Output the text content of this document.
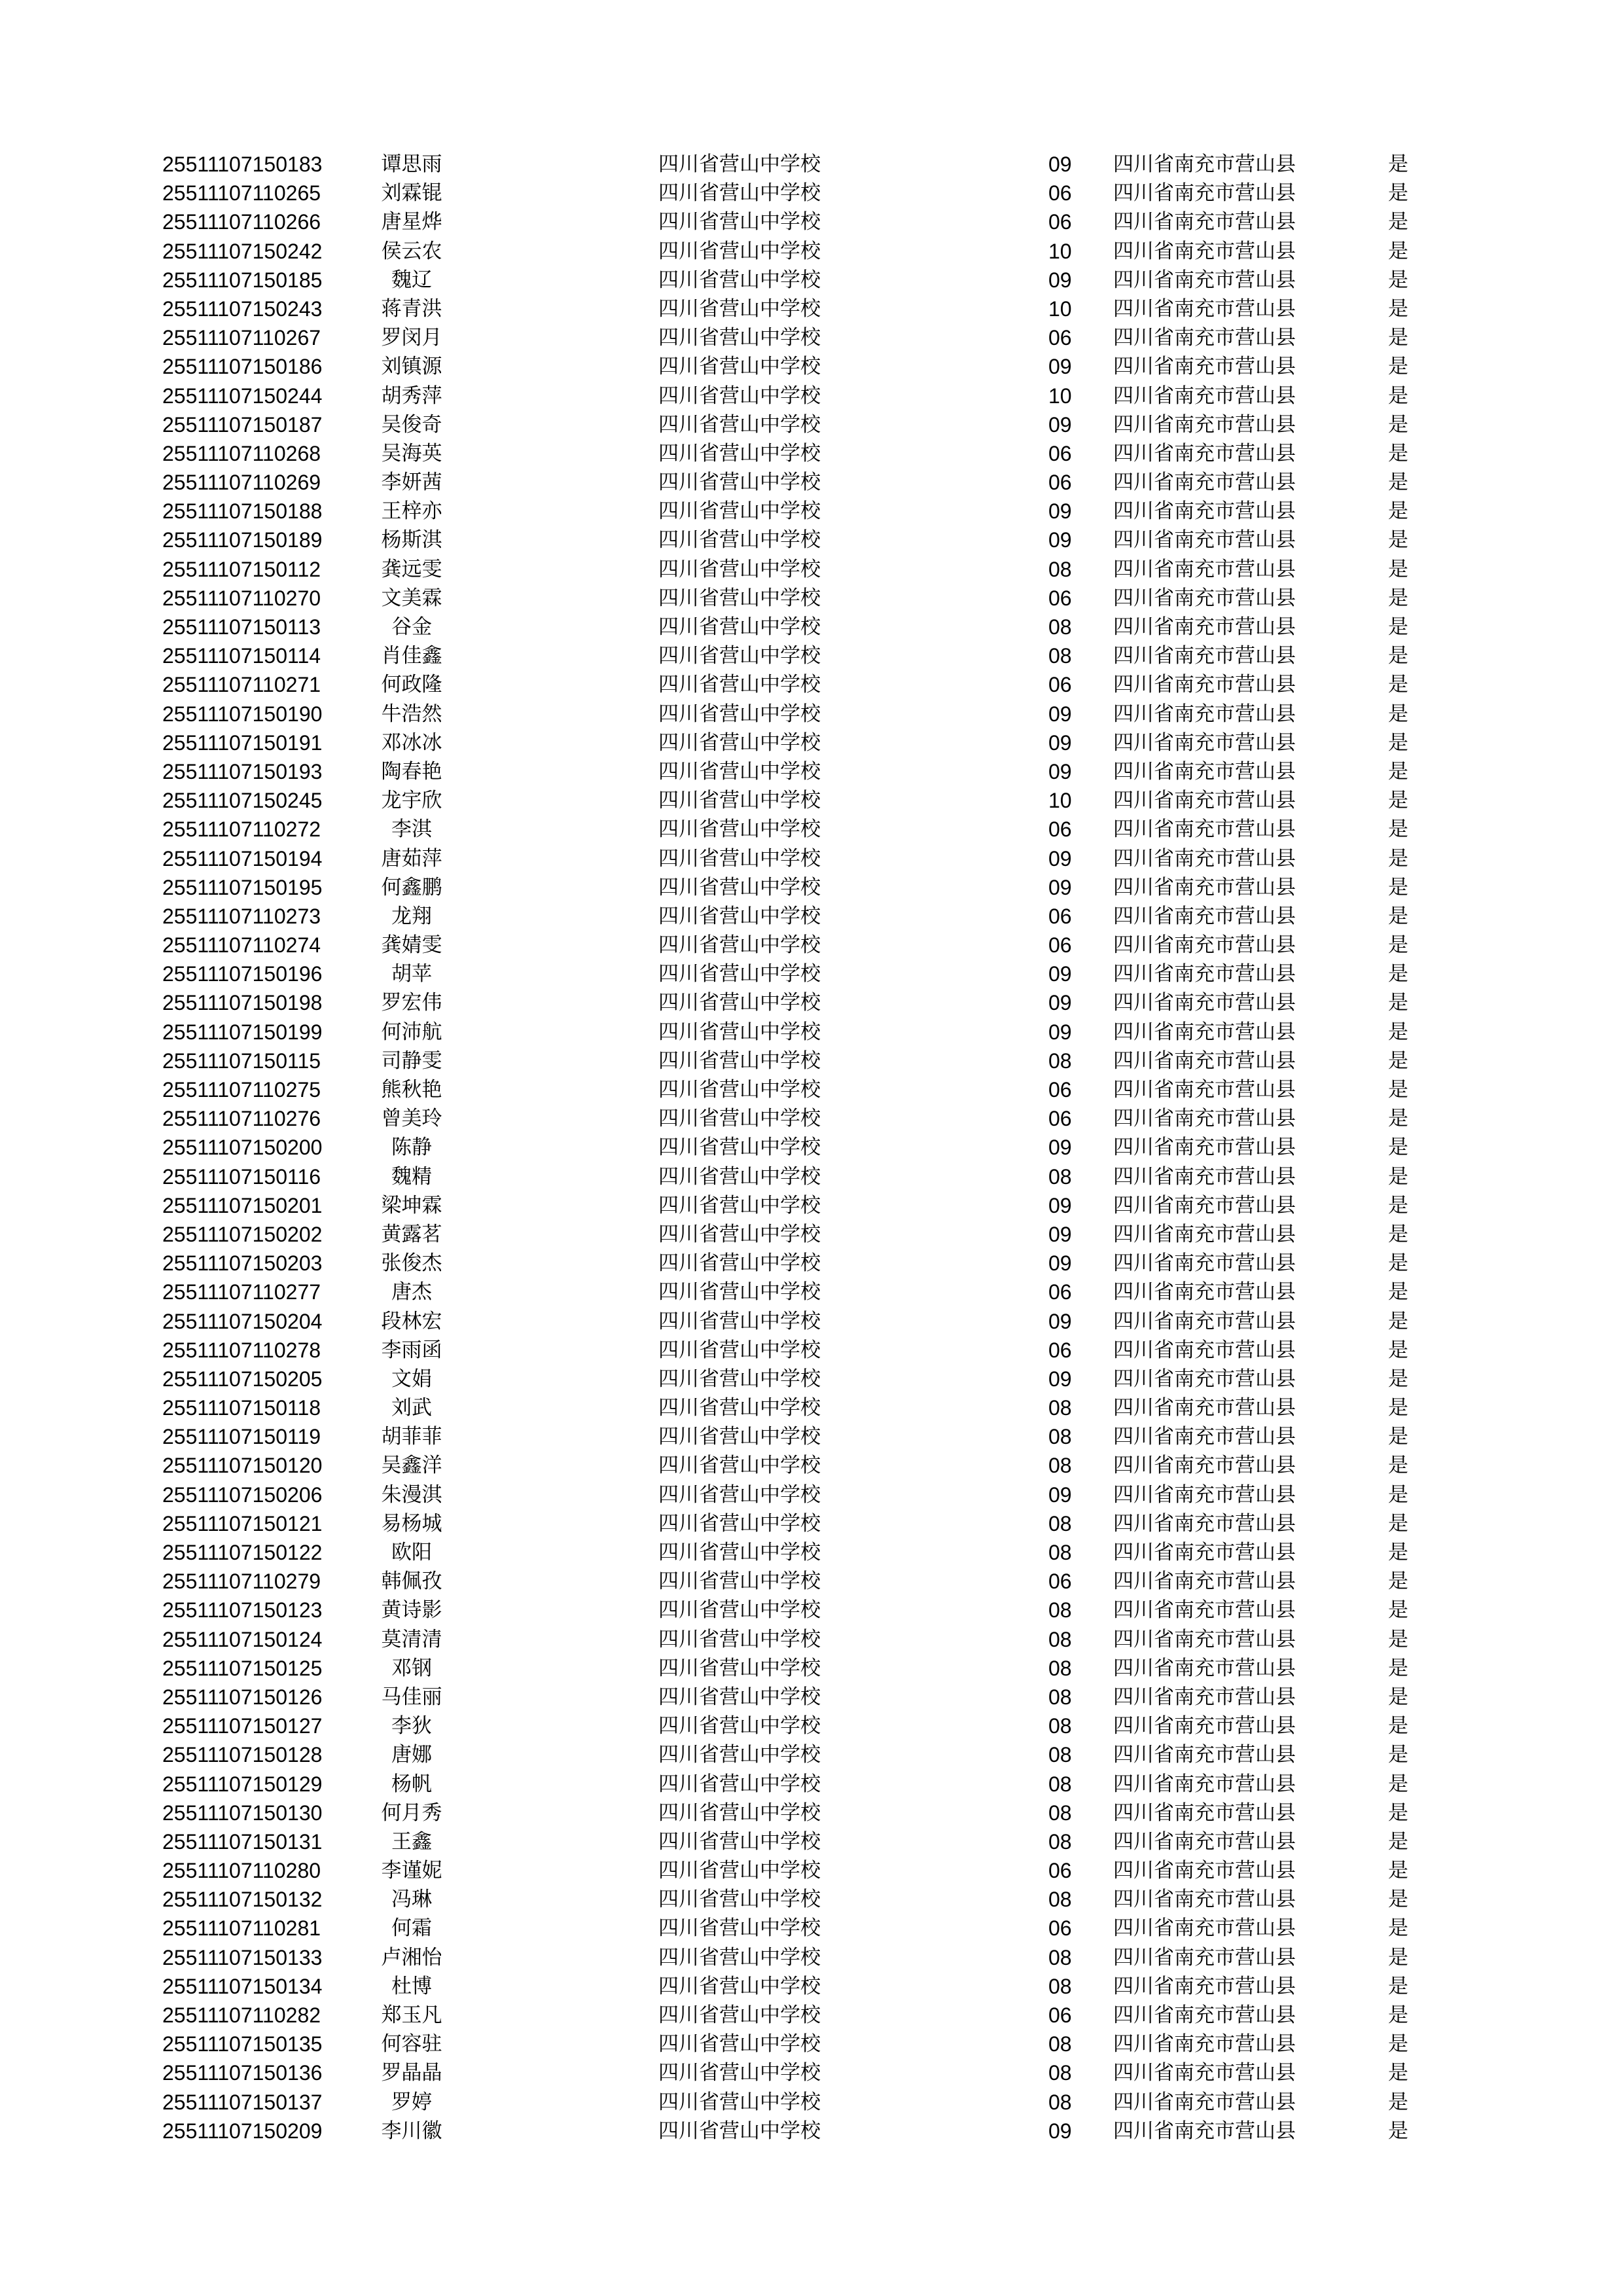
25511107150183	谭思雨	四川省营山中学校	09 四川省南充市营山县	是
25511107110265	刘霖锟	四川省营山中学校	06 四川省南充市营山县	是
25511107110266	唐星烨	四川省营山中学校	06 四川省南充市营山县	是
25511107150242	侯云农	四川省营山中学校	10 四川省南充市营山县	是
25511107150185	魏辽	四川省营山中学校	09 四川省南充市营山县	是
25511107150243	蒋青洪	四川省营山中学校	10 四川省南充市营山县	是
25511107110267	罗闵月	四川省营山中学校	06 四川省南充市营山县	是
25511107150186	刘镇源	四川省营山中学校	09 四川省南充市营山县	是
25511107150244	胡秀萍	四川省营山中学校	10 四川省南充市营山县	是
25511107150187	吴俊奇	四川省营山中学校	09 四川省南充市营山县	是
25511107110268	吴海英	四川省营山中学校	06 四川省南充市营山县	是
25511107110269	李妍茜	四川省营山中学校	06 四川省南充市营山县	是
25511107150188	王梓亦	四川省营山中学校	09 四川省南充市营山县	是
25511107150189	杨斯淇	四川省营山中学校	09 四川省南充市营山县	是
25511107150112	龚远雯	四川省营山中学校	08 四川省南充市营山县	是
25511107110270	文美霖	四川省营山中学校	06 四川省南充市营山县	是
25511107150113	谷金	四川省营山中学校	08 四川省南充市营山县	是
25511107150114	肖佳鑫	四川省营山中学校	08 四川省南充市营山县	是
25511107110271	何政隆	四川省营山中学校	06 四川省南充市营山县	是
25511107150190	牛浩然	四川省营山中学校	09 四川省南充市营山县	是
25511107150191	邓冰冰	四川省营山中学校	09 四川省南充市营山县	是
25511107150193	陶春艳	四川省营山中学校	09 四川省南充市营山县	是
25511107150245	龙宇欣	四川省营山中学校	10 四川省南充市营山县	是
25511107110272	李淇	四川省营山中学校	06 四川省南充市营山县	是
25511107150194	唐茹萍	四川省营山中学校	09 四川省南充市营山县	是
25511107150195	何鑫鹏	四川省营山中学校	09 四川省南充市营山县	是
25511107110273	龙翔	四川省营山中学校	06 四川省南充市营山县	是
25511107110274	龚婧雯	四川省营山中学校	06 四川省南充市营山县	是
25511107150196	胡苹	四川省营山中学校	09 四川省南充市营山县	是
25511107150198	罗宏伟	四川省营山中学校	09 四川省南充市营山县	是
25511107150199	何沛航	四川省营山中学校	09 四川省南充市营山县	是
25511107150115	司静雯	四川省营山中学校	08 四川省南充市营山县	是
25511107110275	熊秋艳	四川省营山中学校	06 四川省南充市营山县	是
25511107110276	曾美玲	四川省营山中学校	06 四川省南充市营山县	是
25511107150200	陈静	四川省营山中学校	09 四川省南充市营山县	是
25511107150116	魏精	四川省营山中学校	08 四川省南充市营山县	是
25511107150201	梁坤霖	四川省营山中学校	09 四川省南充市营山县	是
25511107150202	黄露茗	四川省营山中学校	09 四川省南充市营山县	是
25511107150203	张俊杰	四川省营山中学校	09 四川省南充市营山县	是
25511107110277	唐杰	四川省营山中学校	06 四川省南充市营山县	是
25511107150204	段林宏	四川省营山中学校	09 四川省南充市营山县	是
25511107110278	李雨函	四川省营山中学校	06 四川省南充市营山县	是
25511107150205	文娟	四川省营山中学校	09 四川省南充市营山县	是
25511107150118	刘武	四川省营山中学校	08 四川省南充市营山县	是
25511107150119	胡菲菲	四川省营山中学校	08 四川省南充市营山县	是
25511107150120	吴鑫洋	四川省营山中学校	08 四川省南充市营山县	是
25511107150206	朱漫淇	四川省营山中学校	09 四川省南充市营山县	是
25511107150121	易杨城	四川省营山中学校	08 四川省南充市营山县	是
25511107150122	欧阳	四川省营山中学校	08 四川省南充市营山县	是
25511107110279	韩佩孜	四川省营山中学校	06 四川省南充市营山县	是
25511107150123	黄诗影	四川省营山中学校	08 四川省南充市营山县	是
25511107150124	莫清清	四川省营山中学校	08 四川省南充市营山县	是
25511107150125	邓钢	四川省营山中学校	08 四川省南充市营山县	是
25511107150126	马佳丽	四川省营山中学校	08 四川省南充市营山县	是
25511107150127	李狄	四川省营山中学校	08 四川省南充市营山县	是
25511107150128	唐娜	四川省营山中学校	08 四川省南充市营山县	是
25511107150129	杨帆	四川省营山中学校	08 四川省南充市营山县	是
25511107150130	何月秀	四川省营山中学校	08 四川省南充市营山县	是
25511107150131	王鑫	四川省营山中学校	08 四川省南充市营山县	是
25511107110280	李谨妮	四川省营山中学校	06 四川省南充市营山县	是
25511107150132	冯琳	四川省营山中学校	08 四川省南充市营山县	是
25511107110281	何霜	四川省营山中学校	06 四川省南充市营山县	是
25511107150133	卢湘怡	四川省营山中学校	08 四川省南充市营山县	是
25511107150134	杜博	四川省营山中学校	08 四川省南充市营山县	是
25511107110282	郑玉凡	四川省营山中学校	06 四川省南充市营山县	是
25511107150135	何容驻	四川省营山中学校	08 四川省南充市营山县	是
25511107150136	罗晶晶	四川省营山中学校	08 四川省南充市营山县	是
25511107150137	罗婷	四川省营山中学校	08 四川省南充市营山县	是
25511107150209	李川徽	四川省营山中学校	09 四川省南充市营山县	是
